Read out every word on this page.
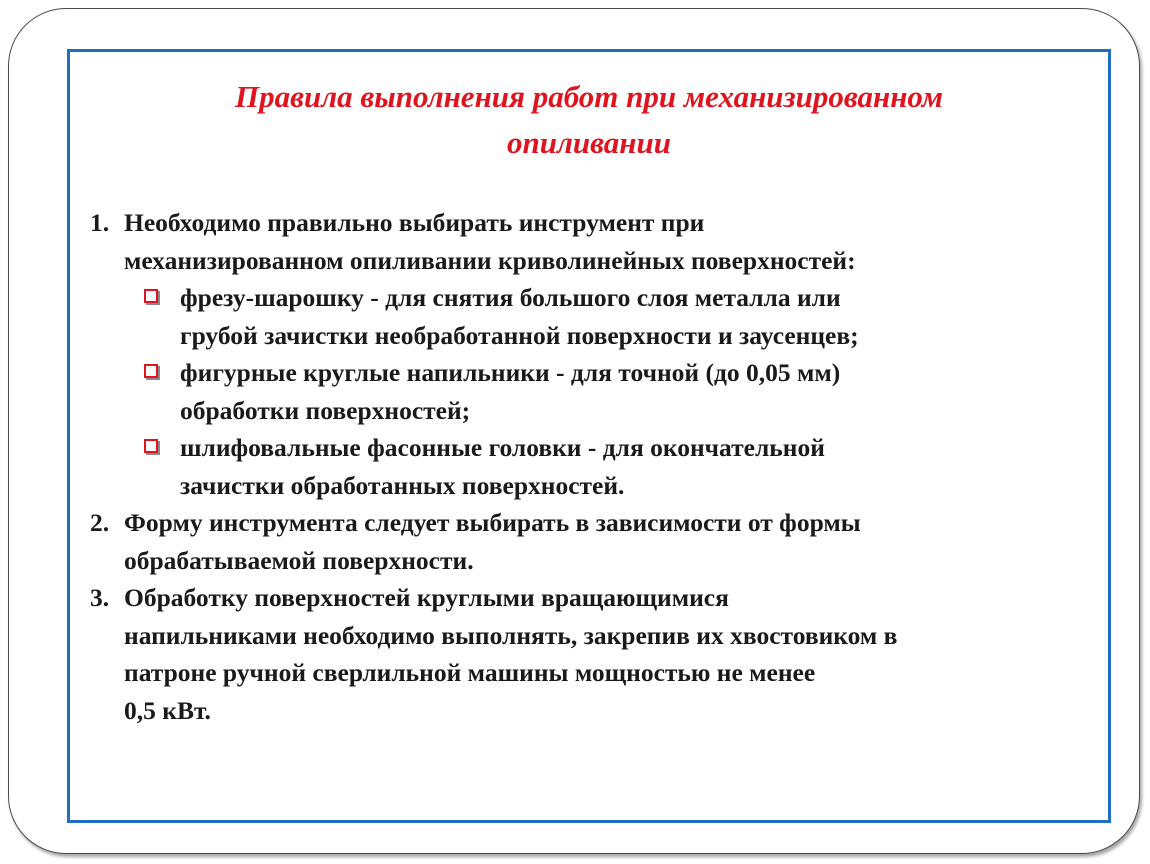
Правила выполнения работ при механизированном
опиливании
1. Необходимо правильно выбирать инструмент при
механизированном опиливании криволинейных поверхностей:
фрезу-шарошку - для снятия большого слоя металла или
грубой зачистки необработанной поверхности и заусенцев;
фигурные круглые напильники - для точной (до 0,05 мм)
обработки поверхностей;
шлифовальные фасонные головки - для окончательной
зачистки обработанных поверхностей.
2. Форму инструмента следует выбирать в зависимости от формы
обрабатываемой поверхности.
3. Обработку поверхностей круглыми вращающимися
напильниками необходимо выполнять, закрепив их хвостовиком в
патроне ручной сверлильной машины мощностью не менее
0,5 кВт.
